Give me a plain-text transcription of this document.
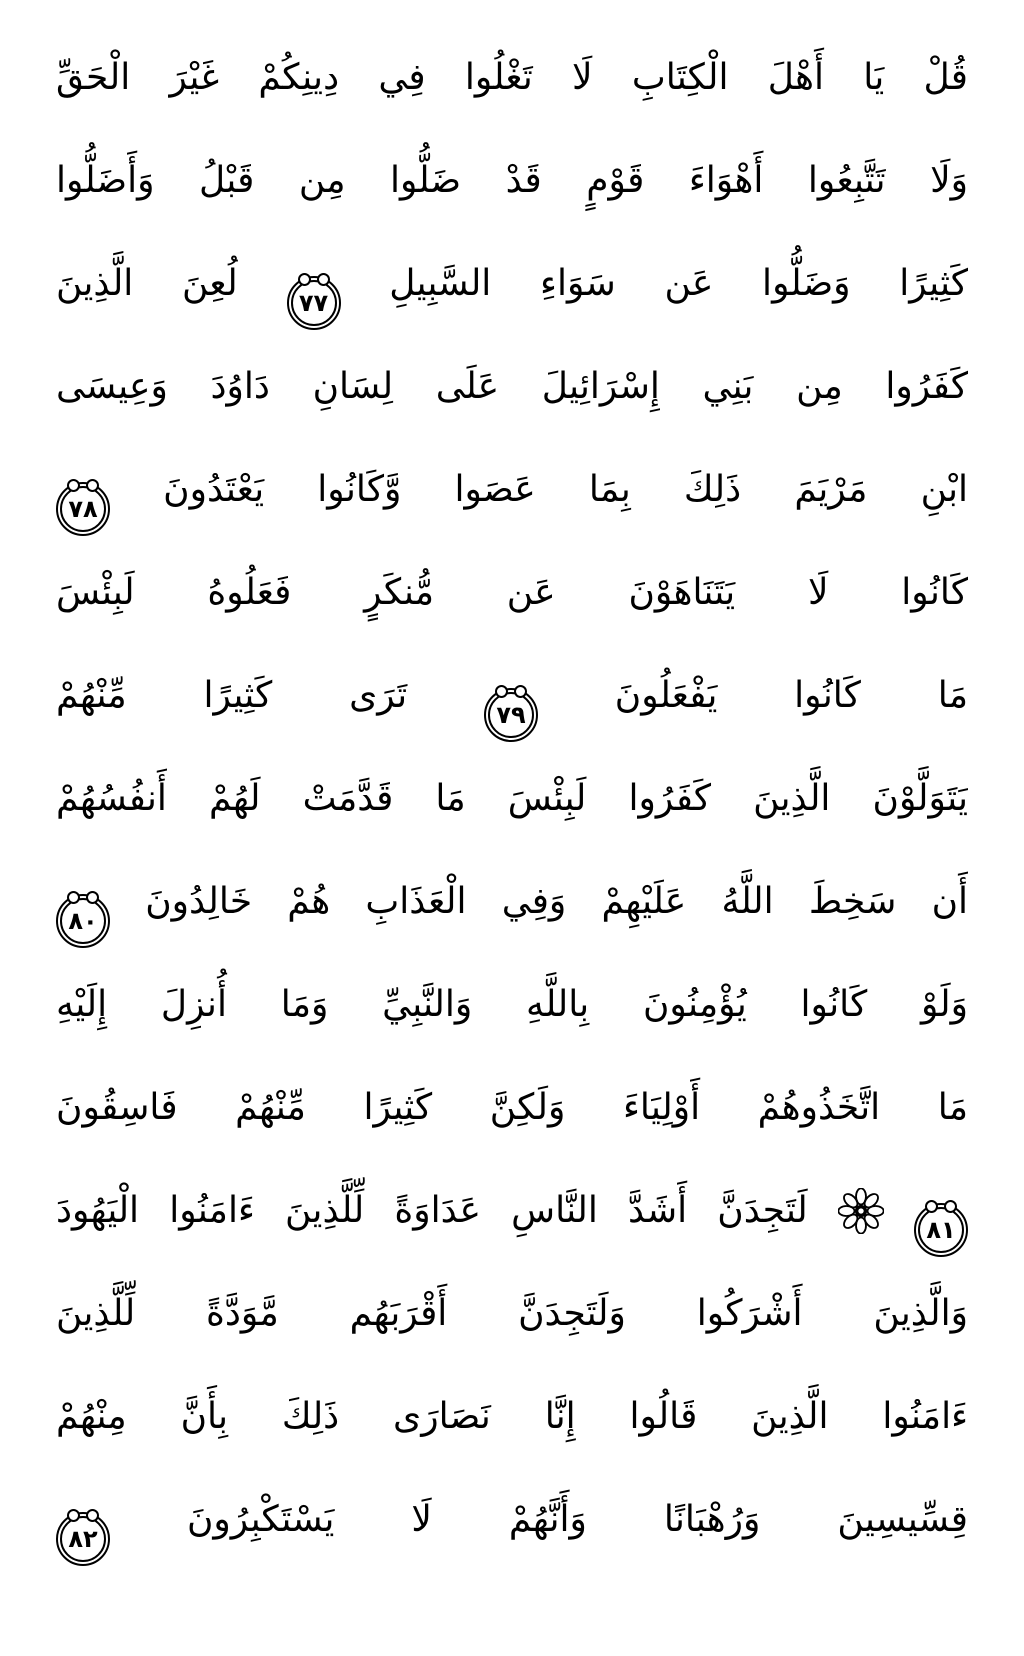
قُلْ يَا أَهْلَ الْكِتَابِ لَا تَغْلُوا فِي دِينِكُمْ غَيْرَ الْحَقِّ
وَلَا تَتَّبِعُوا أَهْوَاءَ قَوْمٍ قَدْ ضَلُّوا مِن قَبْلُ وَأَضَلُّوا
كَثِيرًا وَضَلُّوا عَن سَوَاءِ السَّبِيلِ
٧٧
لُعِنَ الَّذِينَ
كَفَرُوا مِن بَنِي إِسْرَائِيلَ عَلَى لِسَانِ دَاوُدَ وَعِيسَى
ابْنِ مَرْيَمَ ذَلِكَ بِمَا عَصَوا وَّكَانُوا يَعْتَدُونَ
٧٨
كَانُوا لَا يَتَنَاهَوْنَ عَن مُّنكَرٍ فَعَلُوهُ لَبِئْسَ
مَا كَانُوا يَفْعَلُونَ
٧٩
تَرَى كَثِيرًا مِّنْهُمْ
يَتَوَلَّوْنَ الَّذِينَ كَفَرُوا لَبِئْسَ مَا قَدَّمَتْ لَهُمْ أَنفُسُهُمْ
أَن سَخِطَ اللَّهُ عَلَيْهِمْ وَفِي الْعَذَابِ هُمْ خَالِدُونَ
٨٠
وَلَوْ كَانُوا يُؤْمِنُونَ بِاللَّهِ وَالنَّبِيِّ وَمَا أُنزِلَ إِلَيْهِ
مَا اتَّخَذُوهُمْ أَوْلِيَاءَ وَلَكِنَّ كَثِيرًا مِّنْهُمْ فَاسِقُونَ
٨١
لَتَجِدَنَّ أَشَدَّ النَّاسِ عَدَاوَةً لِّلَّذِينَ ءَامَنُوا الْيَهُودَ
وَالَّذِينَ أَشْرَكُوا وَلَتَجِدَنَّ أَقْرَبَهُم مَّوَدَّةً لِّلَّذِينَ
ءَامَنُوا الَّذِينَ قَالُوا إِنَّا نَصَارَى ذَلِكَ بِأَنَّ مِنْهُمْ
قِسِّيسِينَ وَرُهْبَانًا وَأَنَّهُمْ لَا يَسْتَكْبِرُونَ
٨٢
